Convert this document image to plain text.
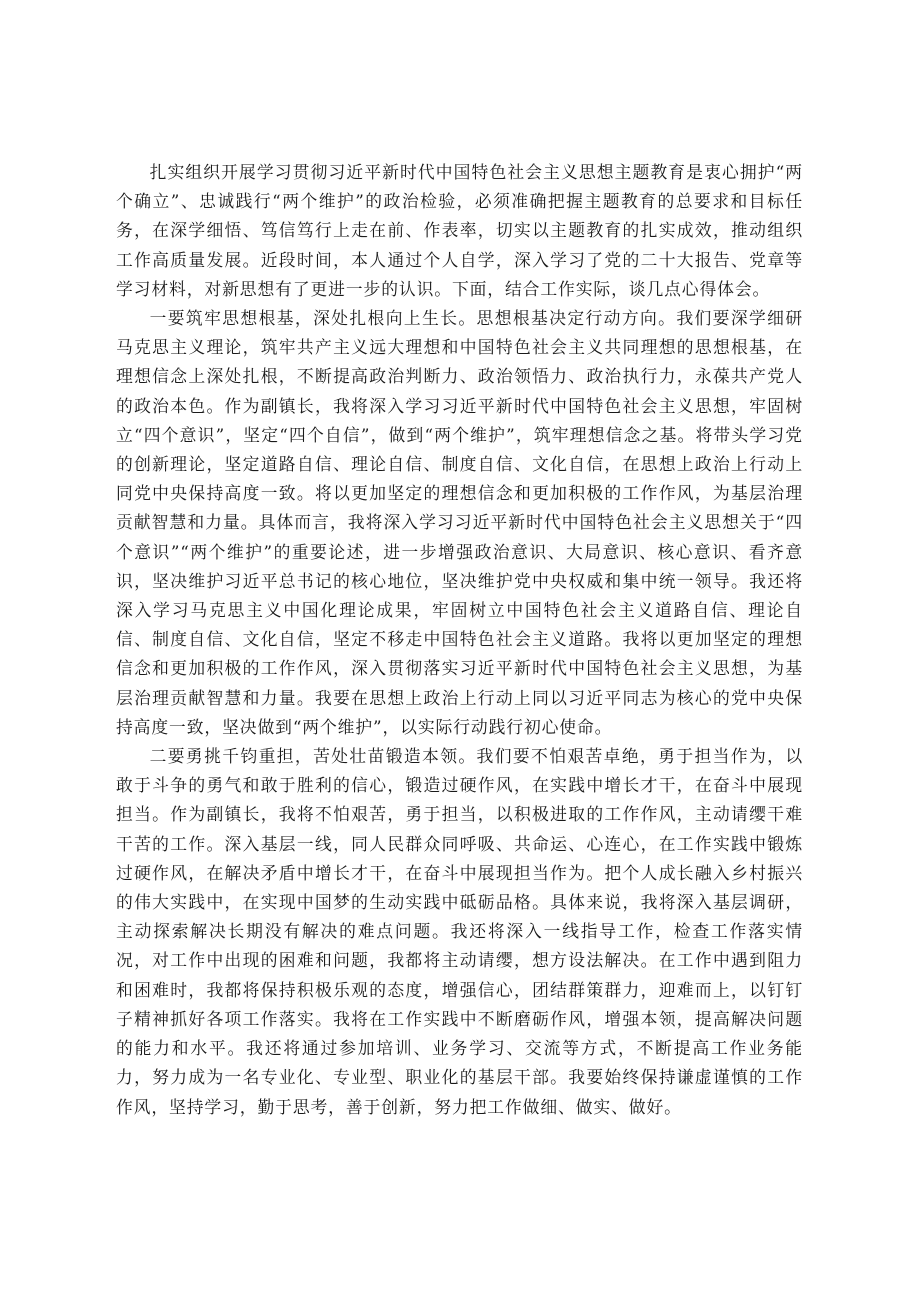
扎实组织开展学习贯彻习近平新时代中国特色社会主义思想主题教育是衷心拥护“两个确立”、忠诚践行“两个维护”的政治检验，必须准确把握主题教育的总要求和目标任务，在深学细悟、笃信笃行上走在前、作表率，切实以主题教育的扎实成效，推动组织工作高质量发展。近段时间，本人通过个人自学，深入学习了党的二十大报告、党章等学习材料，对新思想有了更进一步的认识。下面，结合工作实际，谈几点心得体会。

一要筑牢思想根基，深处扎根向上生长。思想根基决定行动方向。我们要深学细研马克思主义理论，筑牢共产主义远大理想和中国特色社会主义共同理想的思想根基，在理想信念上深处扎根，不断提高政治判断力、政治领悟力、政治执行力，永葆共产党人的政治本色。作为副镇长，我将深入学习习近平新时代中国特色社会主义思想，牢固树立“四个意识”，坚定“四个自信”，做到“两个维护”，筑牢理想信念之基。将带头学习党的创新理论，坚定道路自信、理论自信、制度自信、文化自信，在思想上政治上行动上同党中央保持高度一致。将以更加坚定的理想信念和更加积极的工作作风，为基层治理贡献智慧和力量。具体而言，我将深入学习习近平新时代中国特色社会主义思想关于“四个意识”“两个维护”的重要论述，进一步增强政治意识、大局意识、核心意识、看齐意识，坚决维护习近平总书记的核心地位，坚决维护党中央权威和集中统一领导。我还将深入学习马克思主义中国化理论成果，牢固树立中国特色社会主义道路自信、理论自信、制度自信、文化自信，坚定不移走中国特色社会主义道路。我将以更加坚定的理想信念和更加积极的工作作风，深入贯彻落实习近平新时代中国特色社会主义思想，为基层治理贡献智慧和力量。我要在思想上政治上行动上同以习近平同志为核心的党中央保持高度一致，坚决做到“两个维护”，以实际行动践行初心使命。

二要勇挑千钧重担，苦处壮苗锻造本领。我们要不怕艰苦卓绝，勇于担当作为，以敢于斗争的勇气和敢于胜利的信心，锻造过硬作风，在实践中增长才干，在奋斗中展现担当。作为副镇长，我将不怕艰苦，勇于担当，以积极进取的工作作风，主动请缨干难干苦的工作。深入基层一线，同人民群众同呼吸、共命运、心连心，在工作实践中锻炼过硬作风，在解决矛盾中增长才干，在奋斗中展现担当作为。把个人成长融入乡村振兴的伟大实践中，在实现中国梦的生动实践中砥砺品格。具体来说，我将深入基层调研，主动探索解决长期没有解决的难点问题。我还将深入一线指导工作，检查工作落实情况，对工作中出现的困难和问题，我都将主动请缨，想方设法解决。在工作中遇到阻力和困难时，我都将保持积极乐观的态度，增强信心，团结群策群力，迎难而上，以钉钉子精神抓好各项工作落实。我将在工作实践中不断磨砺作风，增强本领，提高解决问题的能力和水平。我还将通过参加培训、业务学习、交流等方式，不断提高工作业务能力，努力成为一名专业化、专业型、职业化的基层干部。我要始终保持谦虚谨慎的工作作风，坚持学习，勤于思考，善于创新，努力把工作做细、做实、做好。
